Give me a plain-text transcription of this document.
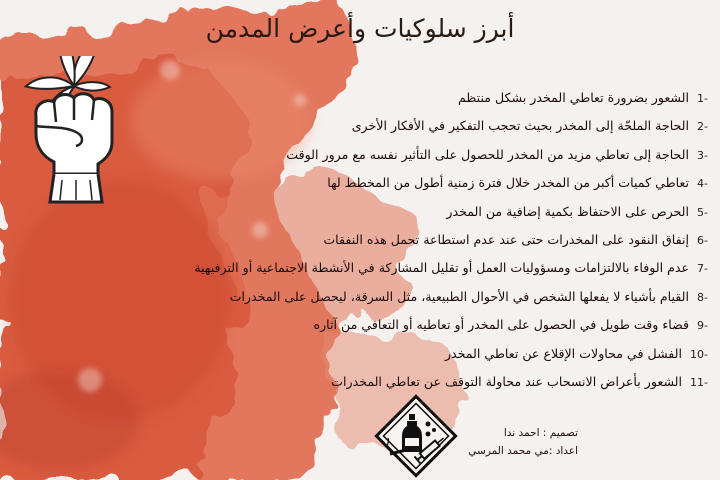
أبرز سلوكيات وأعرض المدمن
-1الشعور بضرورة تعاطي المخدر بشكل منتظم
-2الحاجة الملحّة إلى المخدر بحيث تحجب التفكير في الأفكار الأخرى
-3الحاجة إلى تعاطي مزيد من المخدر للحصول على التأثير نفسه مع مرور الوقت
-4تعاطي كميات أكبر من المخدر خلال فترة زمنية أطول من المخطط لها
-5الحرص على الاحتفاظ بكمية إضافية من المخدر
-6إنفاق النقود على المخدرات حتى عند عدم استطاعة تحمل هذه النفقات
-7عدم الوفاء بالالتزامات ومسؤوليات العمل أو تقليل المشاركة في الأنشطة الاجتماعية أو الترفيهية
-8القيام بأشياء لا يفعلها الشخص في الأحوال الطبيعية، مثل السرقة، ليحصل على المخدرات
-9قضاء وقت طويل في الحصول على المخدر أو تعاطيه أو التعافي من آثاره
-10الفشل في محاولات الإقلاع عن تعاطي المخدر
-11الشعور بأعراض الانسحاب عند محاولة التوقف عن تعاطي المخدرات
تصميم : احمد ندا
اعداد :مي محمد المرسي
